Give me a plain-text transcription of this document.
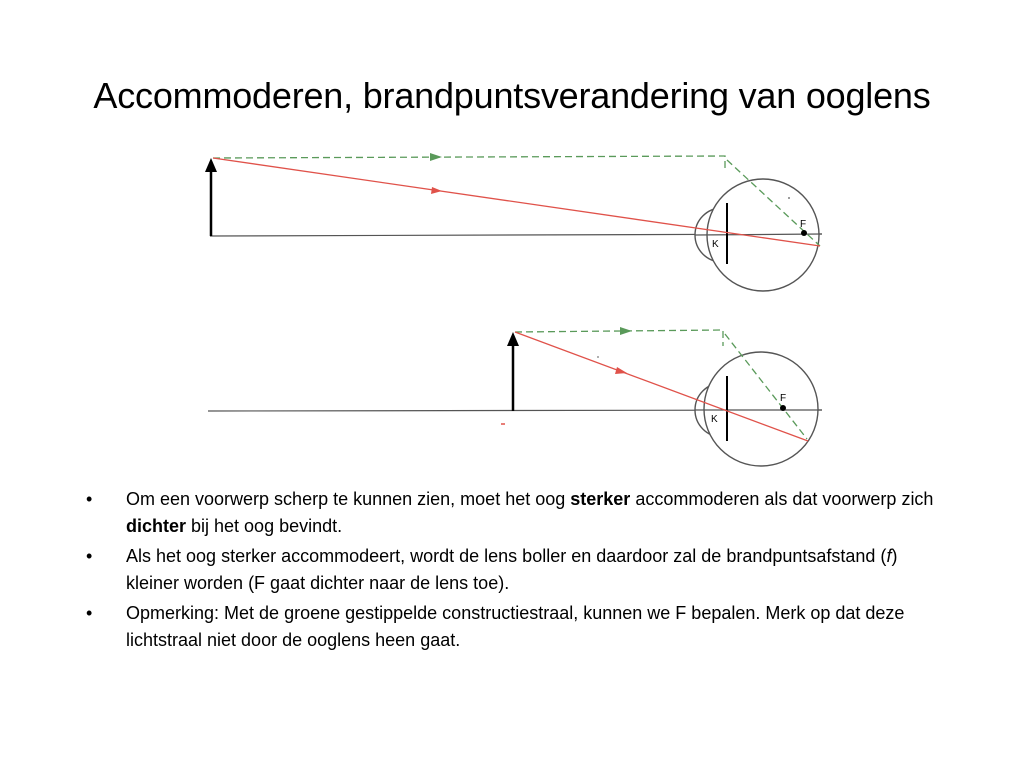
Accommoderen, brandpuntsverandering van ooglens
F
K
F
K
• Om een voorwerp scherp te kunnen zien, moet het oog sterker accommoderen als dat voorwerp zich dichter bij het oog bevindt.
• Als het oog sterker accommodeert, wordt de lens boller en daardoor zal de brandpuntsafstand (f) kleiner worden (F gaat dichter naar de lens toe).
• Opmerking: Met de groene gestippelde constructiestraal, kunnen we F bepalen. Merk op dat deze lichtstraal niet door de ooglens heen gaat.
